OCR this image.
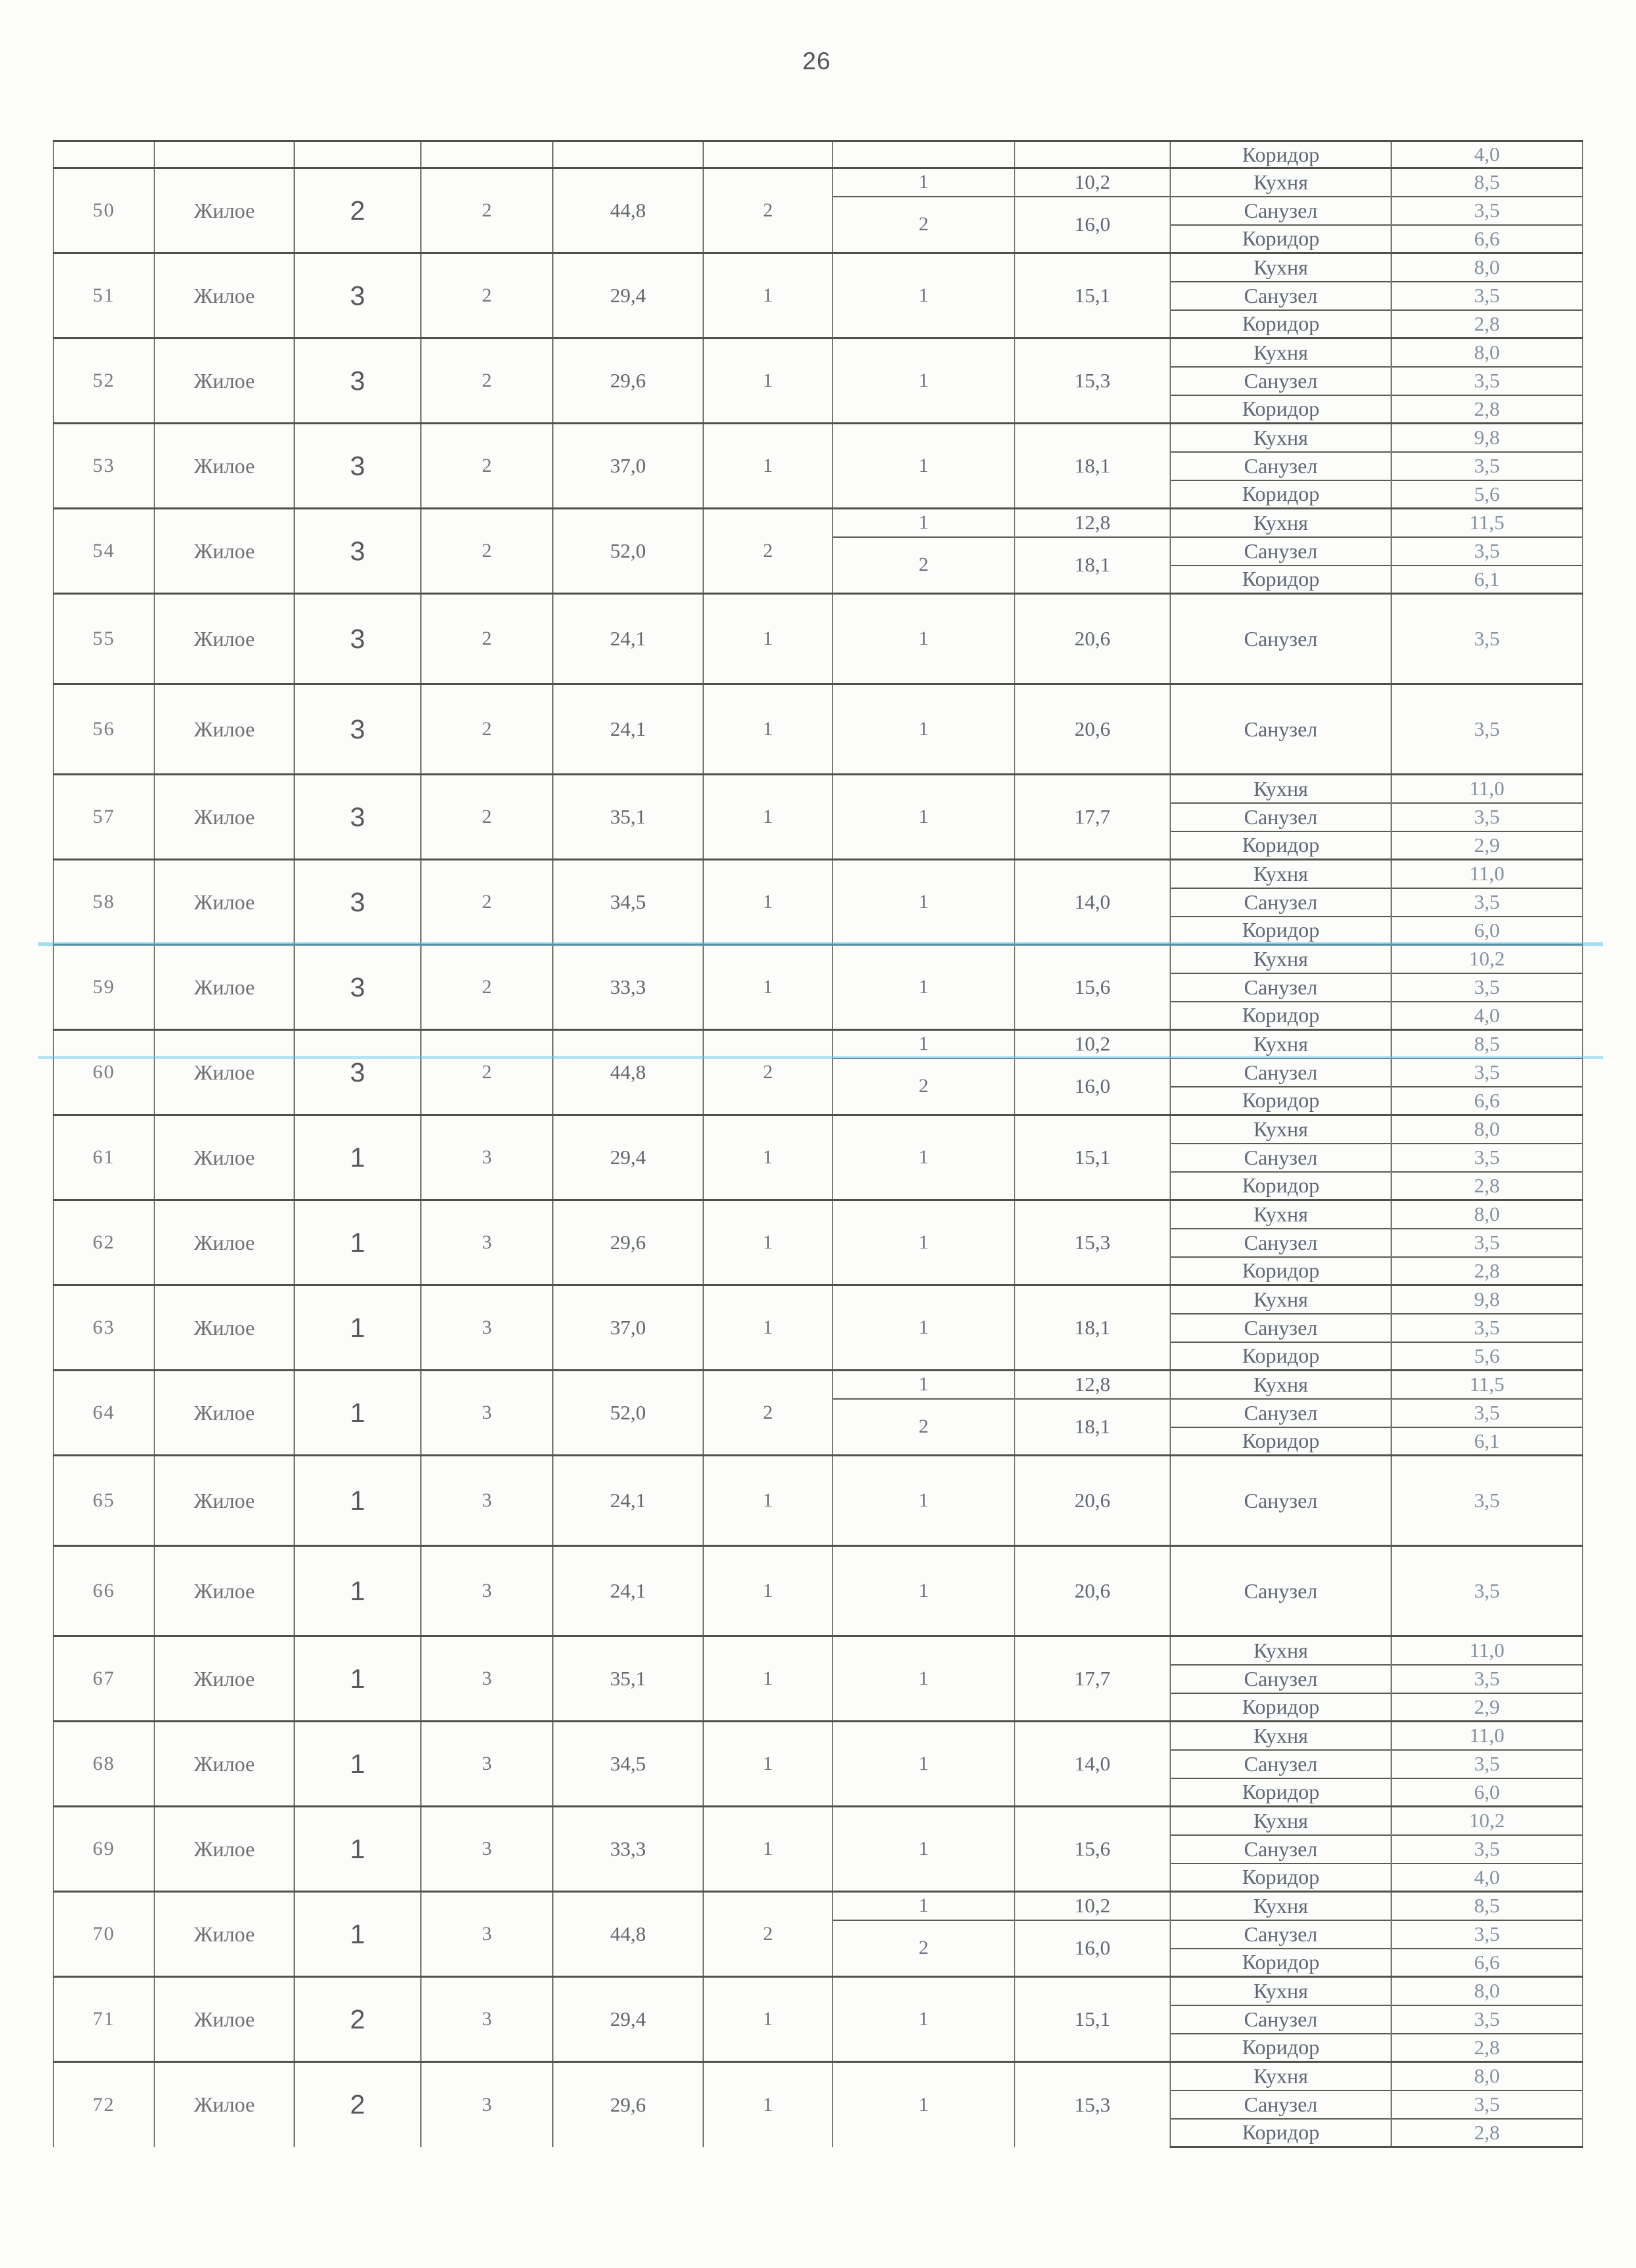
26
								Коридор	4,0
50	Жилое	2	2	44,8	2	1	10,2	Кухня	8,5
						2	16,0	Санузел	3,5
								Коридор	6,6
51	Жилое	3	2	29,4	1	1	15,1	Кухня	8,0
								Санузел	3,5
								Коридор	2,8
52	Жилое	3	2	29,6	1	1	15,3	Кухня	8,0
								Санузел	3,5
								Коридор	2,8
53	Жилое	3	2	37,0	1	1	18,1	Кухня	9,8
								Санузел	3,5
								Коридор	5,6
54	Жилое	3	2	52,0	2	1	12,8	Кухня	11,5
						2	18,1	Санузел	3,5
								Коридор	6,1
55	Жилое	3	2	24,1	1	1	20,6	Санузел	3,5
56	Жилое	3	2	24,1	1	1	20,6	Санузел	3,5
57	Жилое	3	2	35,1	1	1	17,7	Кухня	11,0
								Санузел	3,5
								Коридор	2,9
58	Жилое	3	2	34,5	1	1	14,0	Кухня	11,0
								Санузел	3,5
								Коридор	6,0
59	Жилое	3	2	33,3	1	1	15,6	Кухня	10,2
								Санузел	3,5
								Коридор	4,0
60	Жилое	3	2	44,8	2	1	10,2	Кухня	8,5
						2	16,0	Санузел	3,5
								Коридор	6,6
61	Жилое	1	3	29,4	1	1	15,1	Кухня	8,0
								Санузел	3,5
								Коридор	2,8
62	Жилое	1	3	29,6	1	1	15,3	Кухня	8,0
								Санузел	3,5
								Коридор	2,8
63	Жилое	1	3	37,0	1	1	18,1	Кухня	9,8
								Санузел	3,5
								Коридор	5,6
64	Жилое	1	3	52,0	2	1	12,8	Кухня	11,5
						2	18,1	Санузел	3,5
								Коридор	6,1
65	Жилое	1	3	24,1	1	1	20,6	Санузел	3,5
66	Жилое	1	3	24,1	1	1	20,6	Санузел	3,5
67	Жилое	1	3	35,1	1	1	17,7	Кухня	11,0
								Санузел	3,5
								Коридор	2,9
68	Жилое	1	3	34,5	1	1	14,0	Кухня	11,0
								Санузел	3,5
								Коридор	6,0
69	Жилое	1	3	33,3	1	1	15,6	Кухня	10,2
								Санузел	3,5
								Коридор	4,0
70	Жилое	1	3	44,8	2	1	10,2	Кухня	8,5
						2	16,0	Санузел	3,5
								Коридор	6,6
71	Жилое	2	3	29,4	1	1	15,1	Кухня	8,0
								Санузел	3,5
								Коридор	2,8
72	Жилое	2	3	29,6	1	1	15,3	Кухня	8,0
								Санузел	3,5
								Коридор	2,8
